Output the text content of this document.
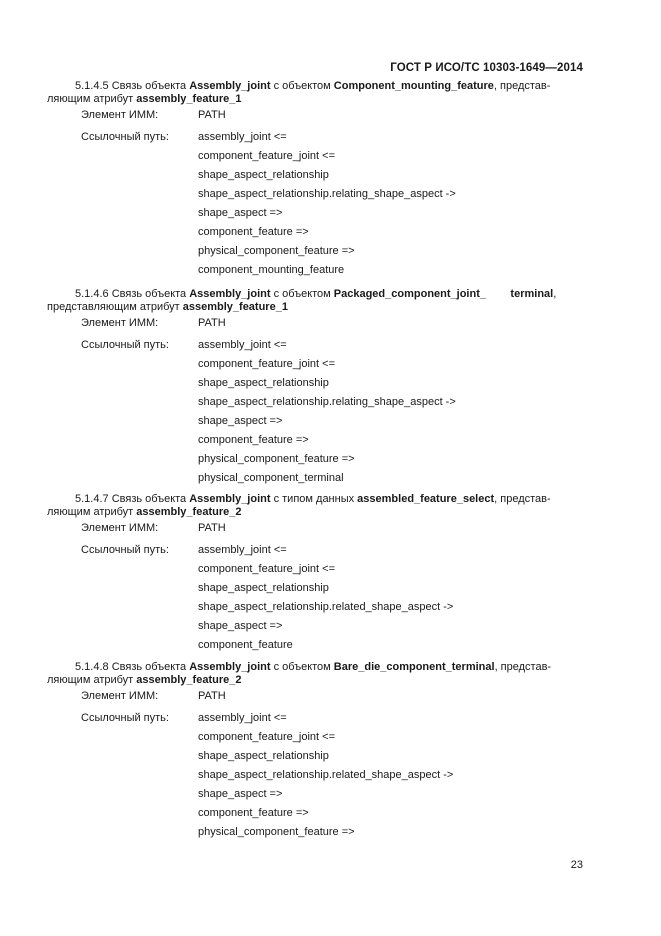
ГОСТ Р ИСО/ТС 10303-1649—2014
5.1.4.5 Связь объекта Assembly_joint с объектом Component_mounting_feature, представ-
ляющим атрибут assembly_feature_1
Элемент ИММ:	PATH
Ссылочный путь:	assembly_joint <=
component_feature_joint <=
shape_aspect_relationship
shape_aspect_relationship.relating_shape_aspect ->
shape_aspect =>
component_feature =>
physical_component_feature =>
component_mounting_feature
5.1.4.6 Связь объекта Assembly_joint с объектом Packaged_component_joint_        terminal,
представляющим атрибут assembly_feature_1
Элемент ИММ:	PATH
Ссылочный путь:	assembly_joint <=
component_feature_joint <=
shape_aspect_relationship
shape_aspect_relationship.relating_shape_aspect ->
shape_aspect =>
component_feature =>
physical_component_feature =>
physical_component_terminal
5.1.4.7 Связь объекта Assembly_joint с типом данных assembled_feature_select, представ-
ляющим атрибут assembly_feature_2
Элемент ИММ:	PATH
Ссылочный путь:	assembly_joint <=
component_feature_joint <=
shape_aspect_relationship
shape_aspect_relationship.related_shape_aspect ->
shape_aspect =>
component_feature
5.1.4.8 Связь объекта Assembly_joint с объектом Bare_die_component_terminal, представ-
ляющим атрибут assembly_feature_2
Элемент ИММ:	PATH
Ссылочный путь:	assembly_joint <=
component_feature_joint <=
shape_aspect_relationship
shape_aspect_relationship.related_shape_aspect ->
shape_aspect =>
component_feature =>
physical_component_feature =>
23
